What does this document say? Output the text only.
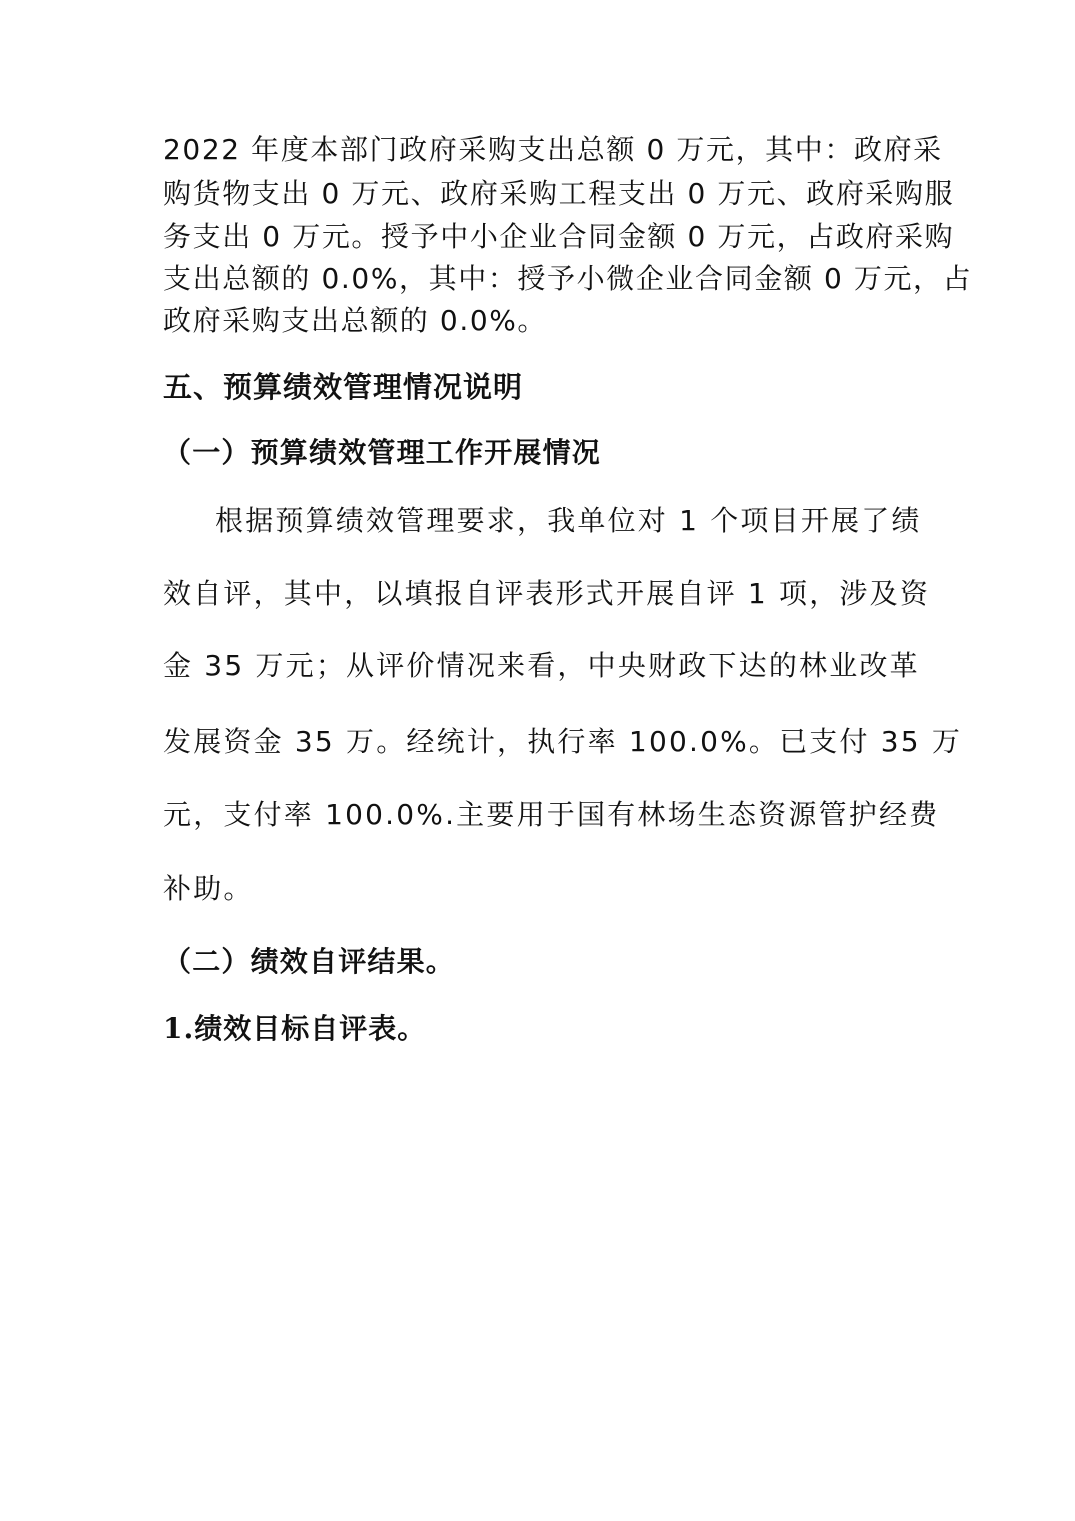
2022 年度本部门政府采购支出总额 0 万元，其中：政府采
购货物支出 0 万元、政府采购工程支出 0 万元、政府采购服
务支出 0 万元。授予中小企业合同金额 0 万元，占政府采购
支出总额的 0.0%，其中：授予小微企业合同金额 0 万元，占
政府采购支出总额的 0.0%。
五、预算绩效管理情况说明
（一）预算绩效管理工作开展情况
根据预算绩效管理要求，我单位对 1 个项目开展了绩
效自评，其中，以填报自评表形式开展自评 1 项，涉及资
金 35 万元；从评价情况来看，中央财政下达的林业改革
发展资金 35 万。经统计，执行率 100.0%。已支付 35 万
元，支付率 100.0%.主要用于国有林场生态资源管护经费
补助。
（二）绩效自评结果。
1.绩效目标自评表。
